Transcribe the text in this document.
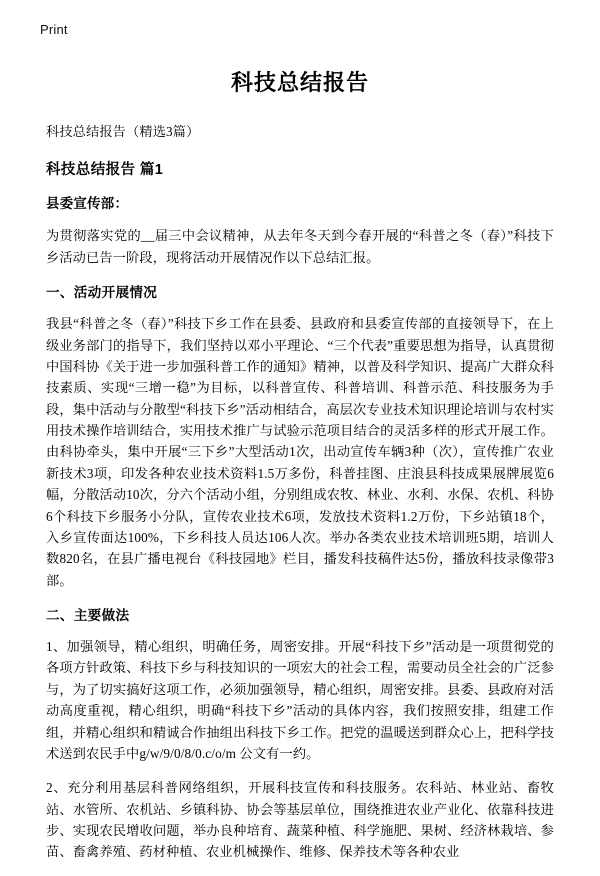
Print
科技总结报告

科技总结报告（精选3篇）

科技总结报告 篇1
县委宣传部：

为贯彻落实党的__届三中会议精神，从去年冬天到今春开展的“科普之冬（春）”科技下乡活动已告一阶段，现将活动开展情况作以下总结汇报。

一、活动开展情况

我县“科普之冬（春）”科技下乡工作在县委、县政府和县委宣传部的直接领导下，在上级业务部门的指导下，我们坚持以邓小平理论、“三个代表”重要思想为指导，认真贯彻中国科协《关于进一步加强科普工作的通知》精神，以普及科学知识、提高广大群众科技素质、实现“三增一稳”为目标，以科普宣传、科普培训、科普示范、科技服务为手段，集中活动与分散型“科技下乡”活动相结合，高层次专业技术知识理论培训与农村实用技术操作培训结合，实用技术推广与试验示范项目结合的灵活多样的形式开展工作。由科协牵头，集中开展“三下乡”大型活动1次，出动宣传车辆3种（次），宣传推广农业新技术3项，印发各种农业技术资料1.5万多份，科普挂图、庄浪县科技成果展牌展览6幅，分散活动10次，分六个活动小组，分别组成农牧、林业、水利、水保、农机、科协6个科技下乡服务小分队，宣传农业技术6项，发放技术资料1.2万份，下乡站镇18个，入乡宣传面达100%，下乡科技人员达106人次。举办各类农业技术培训班5期，培训人数820名，在县广播电视台《科技园地》栏目，播发科技稿件达5份，播放科技录像带3部。

二、主要做法

1、加强领导，精心组织，明确任务，周密安排。开展“科技下乡”活动是一项贯彻党的各项方针政策、科技下乡与科技知识的一项宏大的社会工程，需要动员全社会的广泛参与，为了切实搞好这项工作，必须加强领导，精心组织，周密安排。县委、县政府对活动高度重视，精心组织，明确“科技下乡”活动的具体内容，我们按照安排，组建工作组，并精心组织和精诚合作抽组出科技下乡工作。把党的温暖送到群众心上，把科学技术送到农民手中g/w/9/0/8/0.c/o/m 公文有一约。

2、充分利用基层科普网络组织，开展科技宣传和科技服务。农科站、林业站、畜牧站、水管所、农机站、乡镇科协、协会等基层单位，围绕推进农业产业化、依靠科技进步、实现农民增收问题，举办良种培育、蔬菜种植、科学施肥、果树、经济林栽培、参苗、畜禽养殖、药材种植、农业机械操作、维修、保养技术等各种农业
